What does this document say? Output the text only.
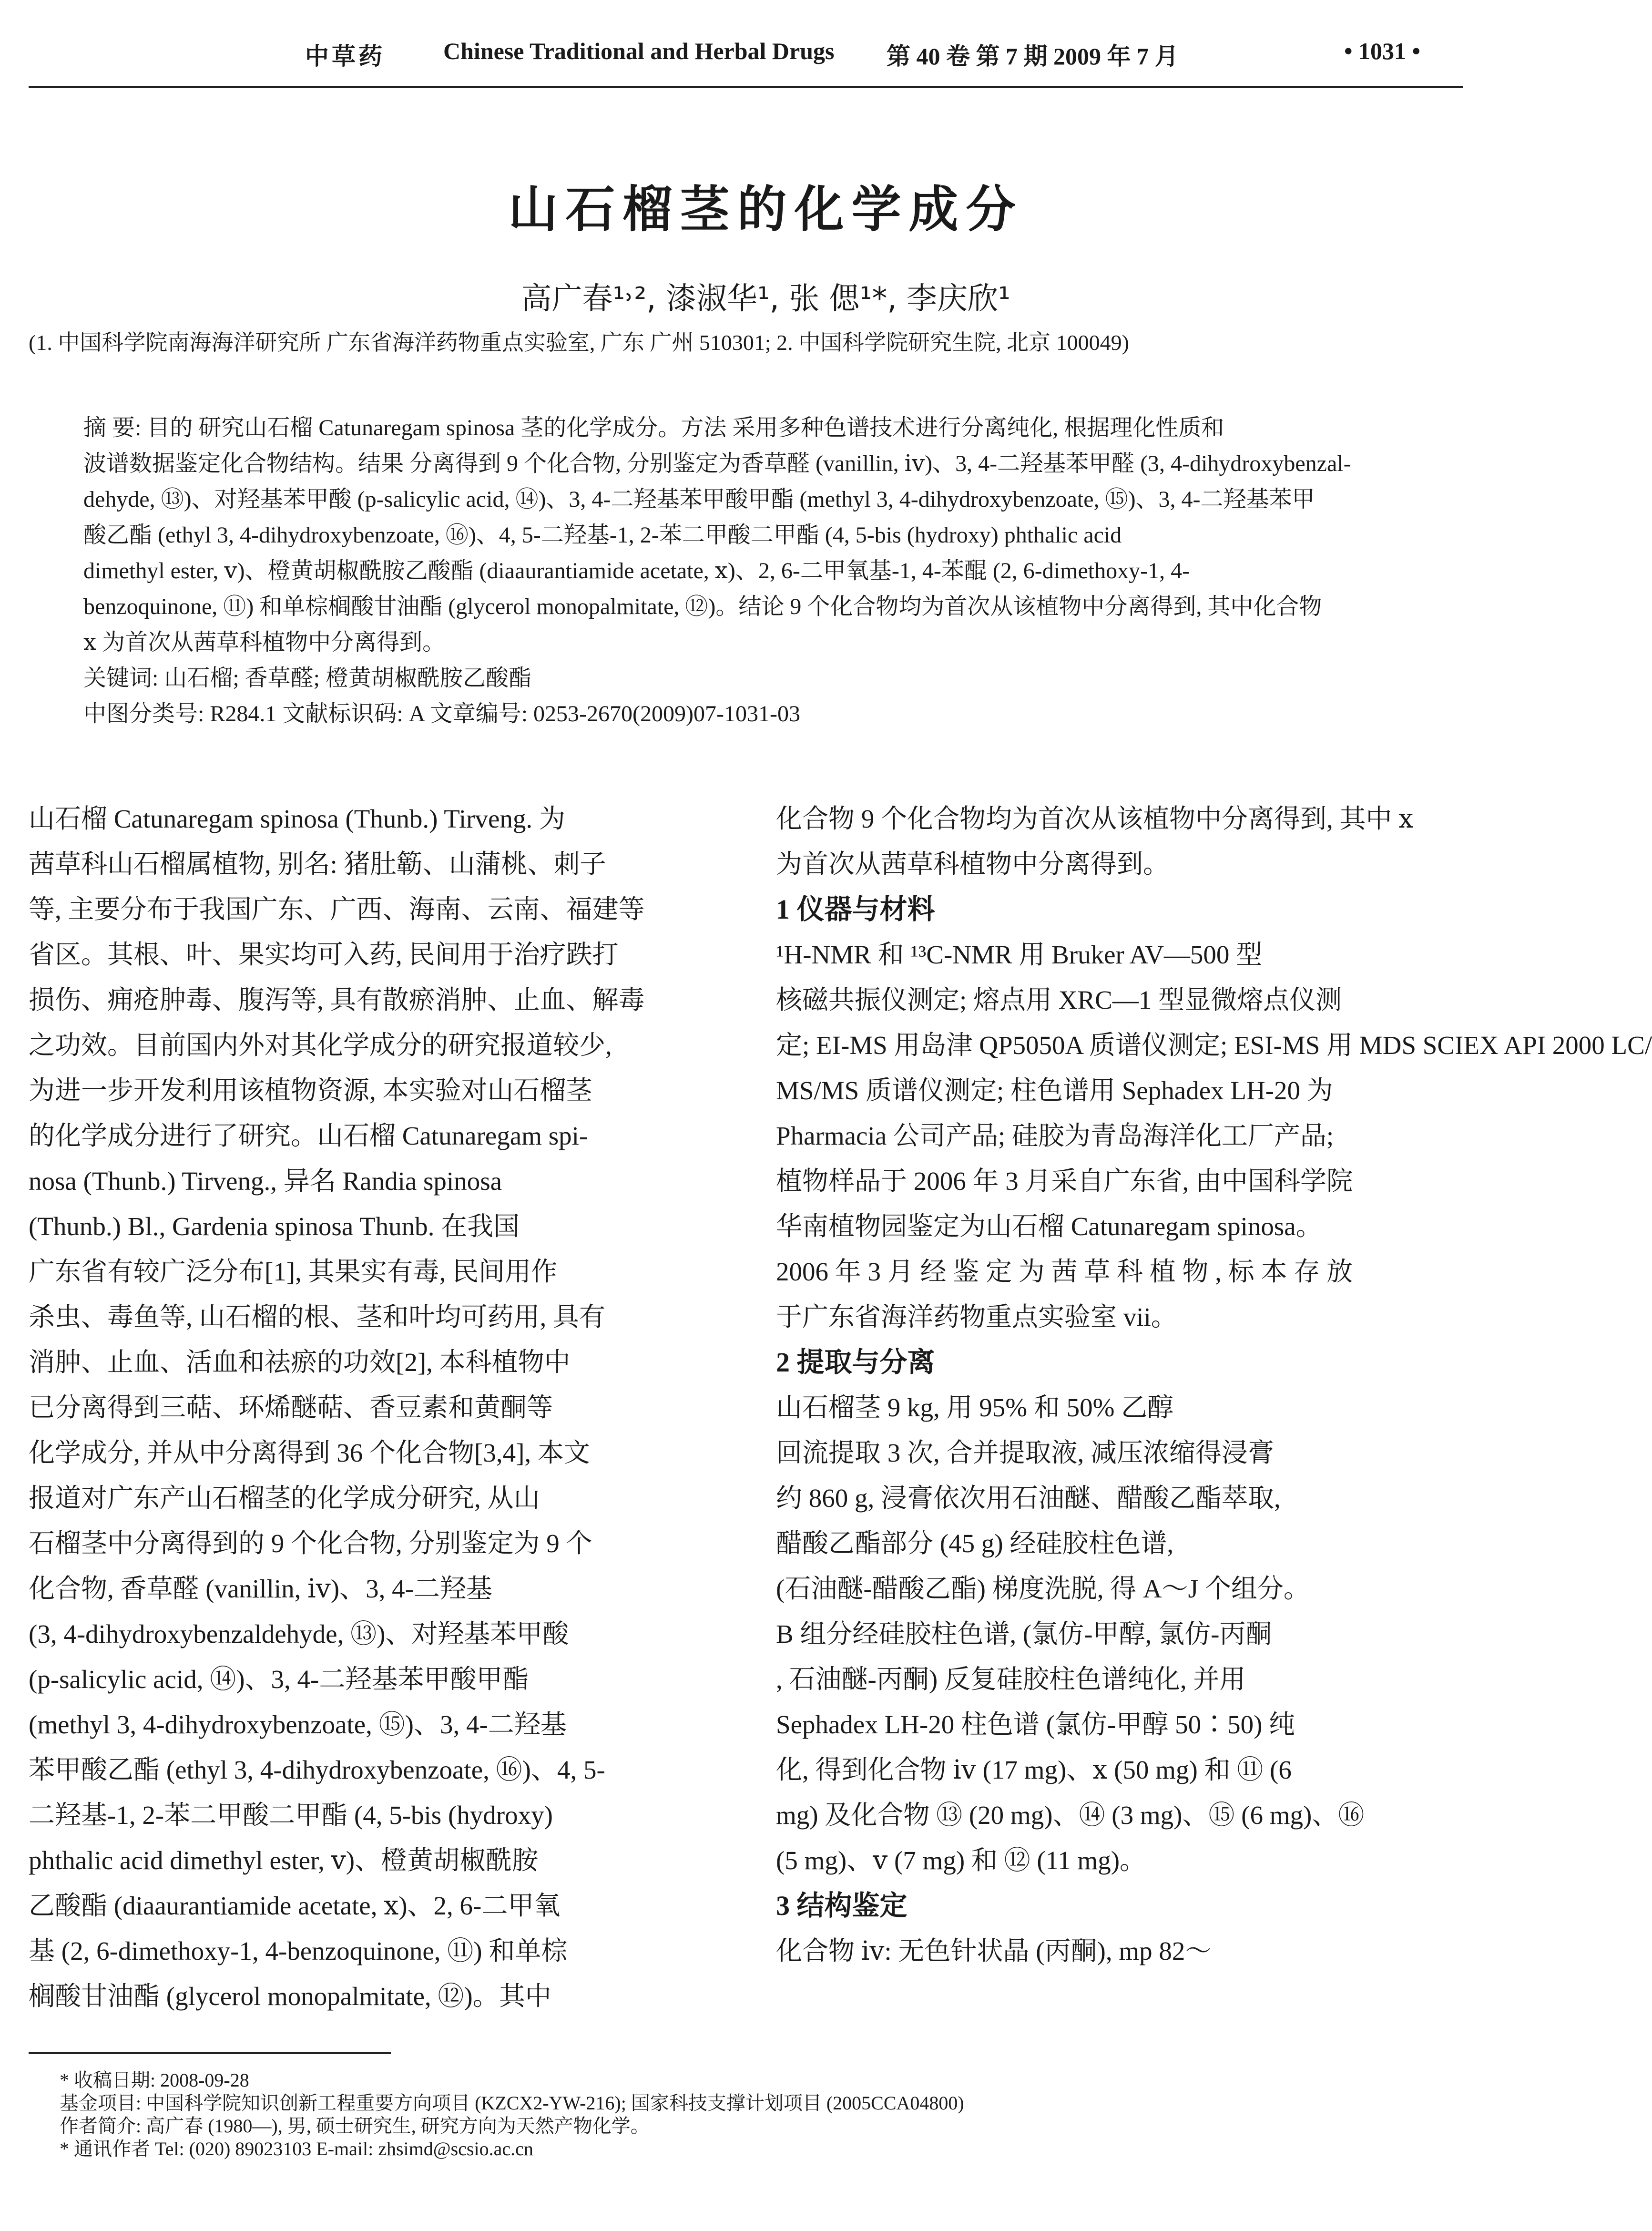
中草药 Chinese Traditional and Herbal Drugs 第 40 卷 第 7 期 2009 年 7 月	• 1031 •
山石榴茎的化学成分
高广春¹˒², 漆淑华¹, 张 偲¹*, 李庆欣¹
(1. 中国科学院南海海洋研究所 广东省海洋药物重点实验室, 广东 广州 510301; 2. 中国科学院研究生院, 北京 100049)
摘 要: 目的 研究山石榴 Catunaregam spinosa 茎的化学成分。方法 采用多种色谱技术进行分离纯化, 根据理化性质和
波谱数据鉴定化合物结构。结果 分离得到 9 个化合物, 分别鉴定为香草醛 (vanillin, ⅳ)、3, 4-二羟基苯甲醛 (3, 4-dihydroxybenzal-
dehyde, ⑬)、对羟基苯甲酸 (p-salicylic acid, ⑭)、3, 4-二羟基苯甲酸甲酯 (methyl 3, 4-dihydroxybenzoate, ⑮)、3, 4-二羟基苯甲
酸乙酯 (ethyl 3, 4-dihydroxybenzoate, ⑯)、4, 5-二羟基-1, 2-苯二甲酸二甲酯 (4, 5-bis (hydroxy) phthalic acid
dimethyl ester, ⅴ)、橙黄胡椒酰胺乙酸酯 (diaaurantiamide acetate, ⅹ)、2, 6-二甲氧基-1, 4-苯醌 (2, 6-dimethoxy-1, 4-
benzoquinone, ⑪) 和单棕榈酸甘油酯 (glycerol monopalmitate, ⑫)。结论 9 个化合物均为首次从该植物中分离得到, 其中化合物
ⅹ 为首次从茜草科植物中分离得到。
关键词: 山石榴; 香草醛; 橙黄胡椒酰胺乙酸酯
中图分类号: R284.1 文献标识码: A 文章编号: 0253-2670(2009)07-1031-03
山石榴 Catunaregam spinosa (Thunb.) Tirveng. 为
茜草科山石榴属植物, 别名: 猪肚簕、山蒲桃、刺子
等, 主要分布于我国广东、广西、海南、云南、福建等
省区。其根、叶、果实均可入药, 民间用于治疗跌打
损伤、痈疮肿毒、腹泻等, 具有散瘀消肿、止血、解毒
之功效。目前国内外对其化学成分的研究报道较少,
为进一步开发利用该植物资源, 本实验对山石榴茎
的化学成分进行了研究。山石榴 Catunaregam spi-
nosa (Thunb.) Tirveng., 异名 Randia spinosa
(Thunb.) Bl., Gardenia spinosa Thunb. 在我国
广东省有较广泛分布[1], 其果实有毒, 民间用作
杀虫、毒鱼等, 山石榴的根、茎和叶均可药用, 具有
消肿、止血、活血和祛瘀的功效[2], 本科植物中
已分离得到三萜、环烯醚萜、香豆素和黄酮等
化学成分, 并从中分离得到 36 个化合物[3,4], 本文
报道对广东产山石榴茎的化学成分研究, 从山
石榴茎中分离得到的 9 个化合物, 分别鉴定为 9 个
化合物, 香草醛 (vanillin, ⅳ)、3, 4-二羟基
(3, 4-dihydroxybenzaldehyde, ⑬)、对羟基苯甲酸
(p-salicylic acid, ⑭)、3, 4-二羟基苯甲酸甲酯
(methyl 3, 4-dihydroxybenzoate, ⑮)、3, 4-二羟基
苯甲酸乙酯 (ethyl 3, 4-dihydroxybenzoate, ⑯)、4, 5-
二羟基-1, 2-苯二甲酸二甲酯 (4, 5-bis (hydroxy)
phthalic acid dimethyl ester, ⅴ)、橙黄胡椒酰胺
乙酸酯 (diaaurantiamide acetate, ⅹ)、2, 6-二甲氧
基 (2, 6-dimethoxy-1, 4-benzoquinone, ⑪) 和单棕
榈酸甘油酯 (glycerol monopalmitate, ⑫)。其中
化合物 9 个化合物均为首次从该植物中分离得到, 其中 ⅹ
为首次从茜草科植物中分离得到。
1 仪器与材料
¹H-NMR 和 ¹³C-NMR 用 Bruker AV—500 型
核磁共振仪测定; 熔点用 XRC—1 型显微熔点仪测
定; EI-MS 用岛津 QP5050A 质谱仪测定; ESI-MS 用 MDS SCIEX API 2000 LC/
MS/MS 质谱仪测定; 柱色谱用 Sephadex LH-20 为
Pharmacia 公司产品; 硅胶为青岛海洋化工厂产品;
植物样品于 2006 年 3 月采自广东省, 由中国科学院
华南植物园鉴定为山石榴 Catunaregam spinosa。
2006 年 3 月 经 鉴 定 为 茜 草 科 植 物 , 标 本 存 放
于广东省海洋药物重点实验室 vii。
2 提取与分离
山石榴茎 9 kg, 用 95% 和 50% 乙醇
回流提取 3 次, 合并提取液, 减压浓缩得浸膏
约 860 g, 浸膏依次用石油醚、醋酸乙酯萃取,
醋酸乙酯部分 (45 g) 经硅胶柱色谱,
(石油醚-醋酸乙酯) 梯度洗脱, 得 A～J 个组分。
B 组分经硅胶柱色谱, (氯仿-甲醇, 氯仿-丙酮
, 石油醚-丙酮) 反复硅胶柱色谱纯化, 并用
Sephadex LH-20 柱色谱 (氯仿-甲醇 50∶50) 纯
化, 得到化合物 ⅳ (17 mg)、ⅹ (50 mg) 和 ⑪ (6
mg) 及化合物 ⑬ (20 mg)、⑭ (3 mg)、⑮ (6 mg)、⑯
(5 mg)、ⅴ (7 mg) 和 ⑫ (11 mg)。
3 结构鉴定
化合物 ⅳ: 无色针状晶 (丙酮), mp 82～
* 收稿日期: 2008-09-28
基金项目: 中国科学院知识创新工程重要方向项目 (KZCX2-YW-216); 国家科技支撑计划项目 (2005CCA04800)
作者简介: 高广春 (1980—), 男, 硕士研究生, 研究方向为天然产物化学。
* 通讯作者 Tel: (020) 89023103 E-mail: zhsimd@scsio.ac.cn
